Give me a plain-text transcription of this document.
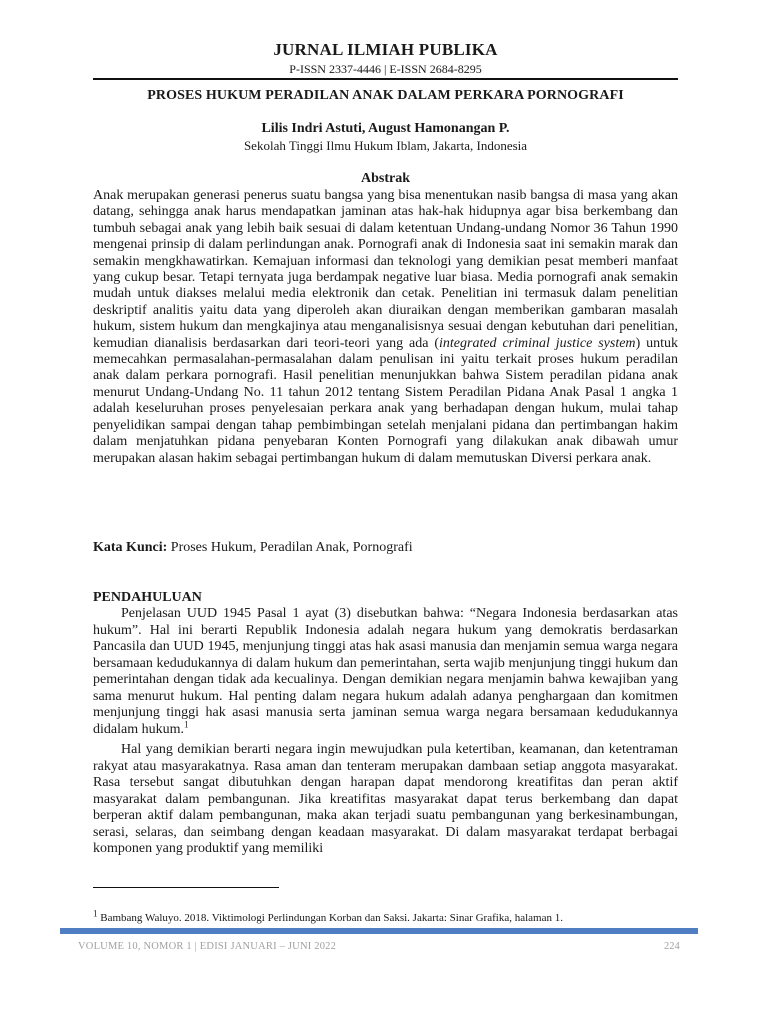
JURNAL ILMIAH PUBLIKA
P-ISSN 2337-4446 | E-ISSN 2684-8295
PROSES HUKUM PERADILAN ANAK DALAM PERKARA PORNOGRAFI
Lilis Indri Astuti, August Hamonangan P.
Sekolah Tinggi Ilmu Hukum Iblam, Jakarta, Indonesia
Abstrak
Anak merupakan generasi penerus suatu bangsa yang bisa menentukan nasib bangsa di masa yang akan datang, sehingga anak harus mendapatkan jaminan atas hak-hak hidupnya agar bisa berkembang dan tumbuh sebagai anak yang lebih baik sesuai di dalam ketentuan Undang-undang Nomor 36 Tahun 1990 mengenai prinsip di dalam perlindungan anak. Pornografi anak di Indonesia saat ini semakin marak dan semakin mengkhawatirkan. Kemajuan informasi dan teknologi yang demikian pesat memberi manfaat yang cukup besar. Tetapi ternyata juga berdampak negative luar biasa. Media pornografi anak semakin mudah untuk diakses melalui media elektronik dan cetak. Penelitian ini termasuk dalam penelitian deskriptif analitis yaitu data yang diperoleh akan diuraikan dengan memberikan gambaran masalah hukum, sistem hukum dan mengkajinya atau menganalisisnya sesuai dengan kebutuhan dari penelitian, kemudian dianalisis berdasarkan dari teori-teori yang ada (integrated criminal justice system) untuk memecahkan permasalahan-permasalahan dalam penulisan ini yaitu terkait proses hukum peradilan anak dalam perkara pornografi. Hasil penelitian menunjukkan bahwa Sistem peradilan pidana anak menurut Undang-Undang No. 11 tahun 2012 tentang Sistem Peradilan Pidana Anak Pasal 1 angka 1 adalah keseluruhan proses penyelesaian perkara anak yang berhadapan dengan hukum, mulai tahap penyelidikan sampai dengan tahap pembimbingan setelah menjalani pidana dan pertimbangan hakim dalam menjatuhkan pidana penyebaran Konten Pornografi yang dilakukan anak dibawah umur merupakan alasan hakim sebagai pertimbangan hukum di dalam memutuskan Diversi perkara anak.
Kata Kunci: Proses Hukum, Peradilan Anak, Pornografi
PENDAHULUAN

Penjelasan UUD 1945 Pasal 1 ayat (3) disebutkan bahwa: “Negara Indonesia berdasarkan atas hukum”. Hal ini berarti Republik Indonesia adalah negara hukum yang demokratis berdasarkan Pancasila dan UUD 1945, menjunjung tinggi atas hak asasi manusia dan menjamin semua warga negara bersamaan kedudukannya di dalam hukum dan pemerintahan, serta wajib menjunjung tinggi hukum dan pemerintahan dengan tidak ada kecualinya. Dengan demikian negara menjamin bahwa kewajiban yang sama menurut hukum. Hal penting dalam negara hukum adalah adanya penghargaan dan komitmen menjunjung tinggi hak asasi manusia serta jaminan semua warga negara bersamaan kedudukannya didalam hukum.$^1$

Hal yang demikian berarti negara ingin mewujudkan pula ketertiban, keamanan, dan ketentraman rakyat atau masyarakatnya. Rasa aman dan tenteram merupakan dambaan setiap anggota masyarakat. Rasa tersebut sangat dibutuhkan dengan harapan dapat mendorong kreatifitas dan peran aktif masyarakat dalam pembangunan. Jika kreatifitas masyarakat dapat terus berkembang dan dapat berperan aktif dalam pembangunan, maka akan terjadi suatu pembangunan yang berkesinambungan, serasi, selaras, dan seimbang dengan keadaan masyarakat. Di dalam masyarakat terdapat berbagai komponen yang produktif yang memiliki

$^1$ Bambang Waluyo. 2018. Viktimologi Perlindungan Korban dan Saksi. Jakarta: Sinar Grafika, halaman 1.
VOLUME 10, NOMOR 1 | EDISI JANUARI – JUNI 2022	224
